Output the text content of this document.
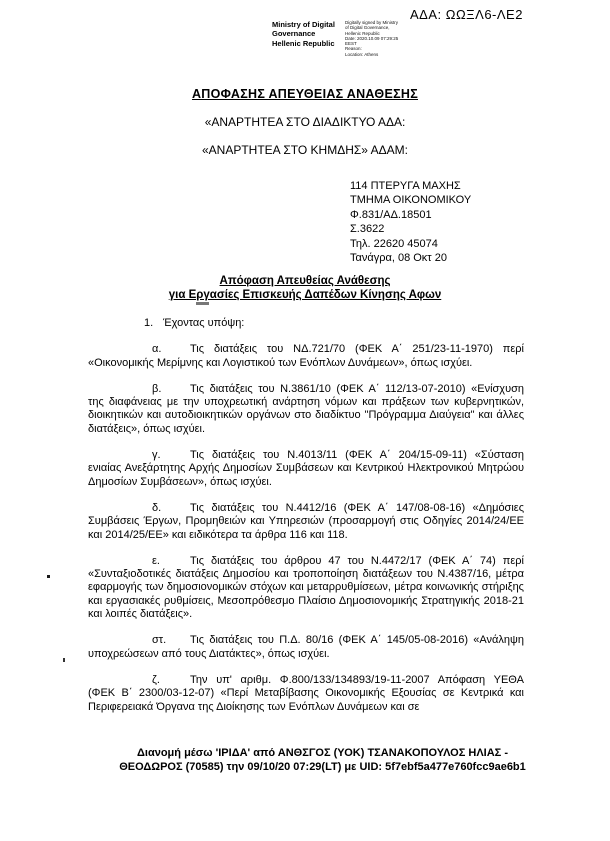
ΑΔΑ: ΩΩΞΛ6-ΛΕ2
Ministry of Digital
Governance
Hellenic Republic
Digitally signed by Ministry
of Digital Governance,
Hellenic Republic
Date: 2020.10.09 07:29:25
EEST
Reason:
Location: Athens
ΑΠΟΦΑΣΗΣ ΑΠΕΥΘΕΙΑΣ ΑΝΑΘΕΣΗΣ
«ΑΝΑΡΤΗΤΕΑ ΣΤΟ ΔΙΑΔΙΚΤΥΟ ΑΔΑ:
«ΑΝΑΡΤΗΤΕΑ ΣΤΟ ΚΗΜΔΗΣ» ΑΔΑΜ:
114 ΠΤΕΡΥΓΑ ΜΑΧΗΣ
ΤΜΗΜΑ ΟΙΚΟΝΟΜΙΚΟΥ
Φ.831/ΑΔ.18501
Σ.3622
Τηλ. 22620 45074
Τανάγρα, 08 Οκτ 20
Απόφαση Απευθείας Ανάθεσης
για Εργασίες Επισκευής Δαπέδων Κίνησης Αφων

1. Έχοντας υπόψη:

α.	Τις διατάξεις του ΝΔ.721/70 (ΦΕΚ Α΄ 251/23-11-1970) περί «Οικονομικής Μερίμνης και Λογιστικού των Ενόπλων Δυνάμεων», όπως ισχύει.

β.	Τις διατάξεις του Ν.3861/10 (ΦΕΚ Α΄ 112/13-07-2010) «Ενίσχυση της διαφάνειας με την υποχρεωτική ανάρτηση νόμων και πράξεων των κυβερνητικών, διοικητικών και αυτοδιοικητικών οργάνων στο διαδίκτυο "Πρόγραμμα Διαύγεια" και άλλες διατάξεις», όπως ισχύει.

γ.	Τις διατάξεις του Ν.4013/11 (ΦΕΚ Α΄ 204/15-09-11) «Σύσταση ενιαίας Ανεξάρτητης Αρχής Δημοσίων Συμβάσεων και Κεντρικού Ηλεκτρονικού Μητρώου Δημοσίων Συμβάσεων», όπως ισχύει.

δ.	Τις διατάξεις του Ν.4412/16 (ΦΕΚ Α΄ 147/08-08-16) «Δημόσιες Συμβάσεις Έργων, Προμηθειών και Υπηρεσιών (προσαρμογή στις Οδηγίες 2014/24/ΕΕ και 2014/25/ΕΕ» και ειδικότερα τα άρθρα 116 και 118.

ε.	Τις διατάξεις του άρθρου 47 του Ν.4472/17 (ΦΕΚ Α΄ 74) περί «Συνταξιοδοτικές διατάξεις Δημοσίου και τροποποίηση διατάξεων του Ν.4387/16, μέτρα εφαρμογής των δημοσιονομικών στόχων και μεταρρυθμίσεων, μέτρα κοινωνικής στήριξης και εργασιακές ρυθμίσεις, Μεσοπρόθεσμο Πλαίσιο Δημοσιονομικής Στρατηγικής 2018-21 και λοιπές διατάξεις».

στ. Τις διατάξεις του Π.Δ. 80/16 (ΦΕΚ Α΄ 145/05-08-2016) «Ανάληψη υποχρεώσεων από τους Διατάκτες», όπως ισχύει.

ζ.	Την υπ' αριθμ. Φ.800/133/134893/19-11-2007 Απόφαση ΥΕΘΑ (ΦΕΚ Β΄ 2300/03-12-07) «Περί Μεταβίβασης Οικονομικής Εξουσίας σε Κεντρικά και Περιφερειακά Όργανα της Διοίκησης των Ενόπλων Δυνάμεων και σε

Διανομή μέσω 'ΙΡΙΔΑ' από ΑΝΘΣΓΟΣ (ΥΟΚ) ΤΣΑΝΑΚΟΠΟΥΛΟΣ ΗΛΙΑΣ -
ΘΕΟΔΩΡΟΣ (70585) την 09/10/20 07:29(LT) με UID: 5f7ebf5a477e760fcc9ae6b1
